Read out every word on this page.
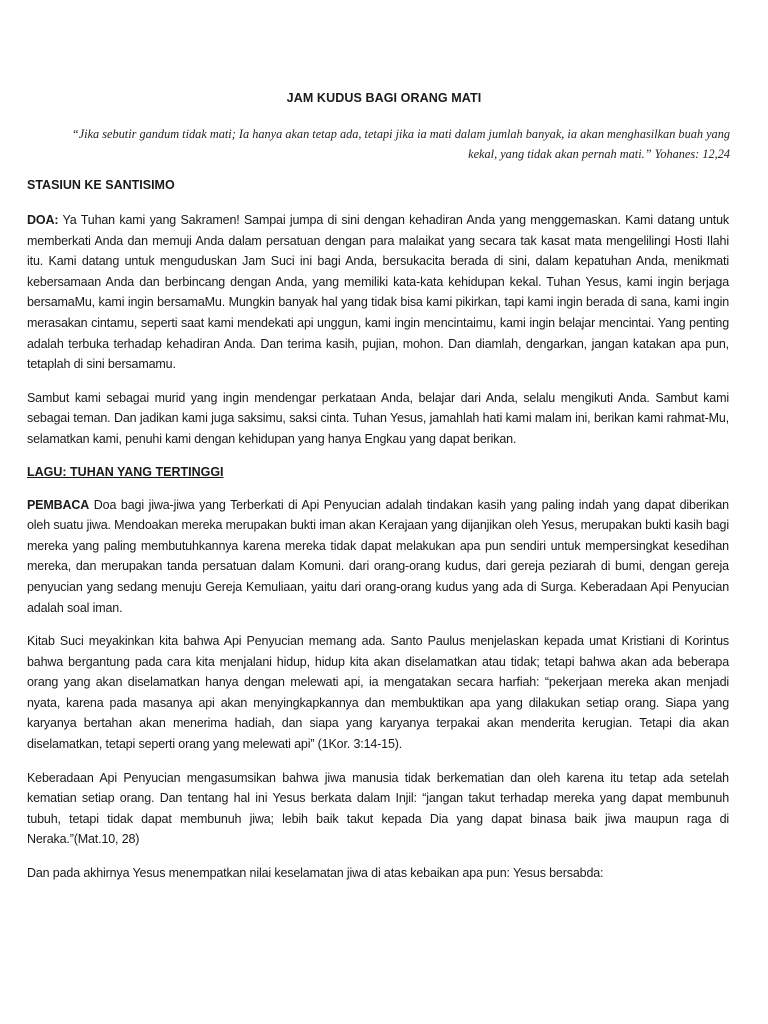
JAM KUDUS BAGI ORANG MATI
“Jika sebutir gandum tidak mati; Ia hanya akan tetap ada, tetapi jika ia mati dalam jumlah banyak, ia akan menghasilkan buah yang kekal, yang tidak akan pernah mati.” Yohanes: 12,24
STASIUN KE SANTISIMO

DOA: Ya Tuhan kami yang Sakramen! Sampai jumpa di sini dengan kehadiran Anda yang menggemaskan. Kami datang untuk memberkati Anda dan memuji Anda dalam persatuan dengan para malaikat yang secara tak kasat mata mengelilingi Hosti Ilahi itu. Kami datang untuk menguduskan Jam Suci ini bagi Anda, bersukacita berada di sini, dalam kepatuhan Anda, menikmati kebersamaan Anda dan berbincang dengan Anda, yang memiliki kata-kata kehidupan kekal. Tuhan Yesus, kami ingin berjaga bersamaMu, kami ingin bersamaMu. Mungkin banyak hal yang tidak bisa kami pikirkan, tapi kami ingin berada di sana, kami ingin merasakan cintamu, seperti saat kami mendekati api unggun, kami ingin mencintaimu, kami ingin belajar mencintai. Yang penting adalah terbuka terhadap kehadiran Anda. Dan terima kasih, pujian, mohon. Dan diamlah, dengarkan, jangan katakan apa pun, tetaplah di sini bersamamu.

Sambut kami sebagai murid yang ingin mendengar perkataan Anda, belajar dari Anda, selalu mengikuti Anda. Sambut kami sebagai teman. Dan jadikan kami juga saksimu, saksi cinta. Tuhan Yesus, jamahlah hati kami malam ini, berikan kami rahmat-Mu, selamatkan kami, penuhi kami dengan kehidupan yang hanya Engkau yang dapat berikan.

LAGU: TUHAN YANG TERTINGGI

PEMBACA Doa bagi jiwa-jiwa yang Terberkati di Api Penyucian adalah tindakan kasih yang paling indah yang dapat diberikan oleh suatu jiwa. Mendoakan mereka merupakan bukti iman akan Kerajaan yang dijanjikan oleh Yesus, merupakan bukti kasih bagi mereka yang paling membutuhkannya karena mereka tidak dapat melakukan apa pun sendiri untuk mempersingkat kesedihan mereka, dan merupakan tanda persatuan dalam Komuni. dari orang-orang kudus, dari gereja peziarah di bumi, dengan gereja penyucian yang sedang menuju Gereja Kemuliaan, yaitu dari orang-orang kudus yang ada di Surga. Keberadaan Api Penyucian adalah soal iman.

Kitab Suci meyakinkan kita bahwa Api Penyucian memang ada. Santo Paulus menjelaskan kepada umat Kristiani di Korintus bahwa bergantung pada cara kita menjalani hidup, hidup kita akan diselamatkan atau tidak; tetapi bahwa akan ada beberapa orang yang akan diselamatkan hanya dengan melewati api, ia mengatakan secara harfiah: “pekerjaan mereka akan menjadi nyata, karena pada masanya api akan menyingkapkannya dan membuktikan apa yang dilakukan setiap orang. Siapa yang karyanya bertahan akan menerima hadiah, dan siapa yang karyanya terpakai akan menderita kerugian. Tetapi dia akan diselamatkan, tetapi seperti orang yang melewati api” (1Kor. 3:14-15).

Keberadaan Api Penyucian mengasumsikan bahwa jiwa manusia tidak berkematian dan oleh karena itu tetap ada setelah kematian setiap orang. Dan tentang hal ini Yesus berkata dalam Injil: “jangan takut terhadap mereka yang dapat membunuh tubuh, tetapi tidak dapat membunuh jiwa; lebih baik takut kepada Dia yang dapat binasa baik jiwa maupun raga di Neraka.”(Mat.10, 28)

Dan pada akhirnya Yesus menempatkan nilai keselamatan jiwa di atas kebaikan apa pun: Yesus bersabda:
